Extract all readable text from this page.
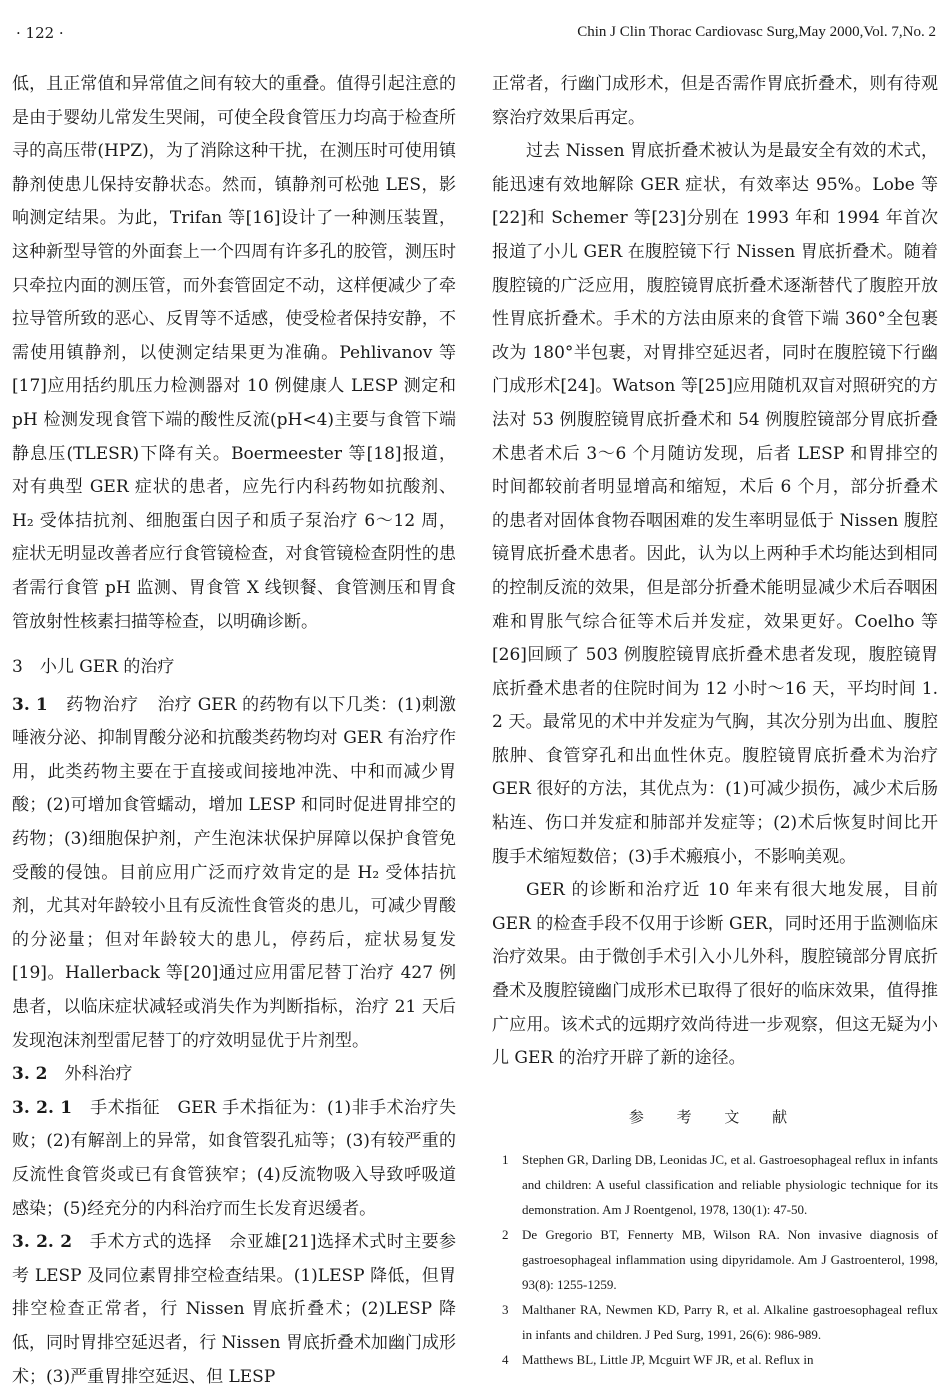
· 122 ·	Chin J Clin Thorac Cardiovasc Surg,May 2000,Vol. 7,No. 2

低，且正常值和异常值之间有较大的重叠。值得引起注意的是由于婴幼儿常发生哭闹，可使全段食管压力均高于检查所寻的高压带(HPZ)，为了消除这种干扰，在测压时可使用镇静剂使患儿保持安静状态。然而，镇静剂可松弛 LES，影响测定结果。为此，Trifan 等[16]设计了一种测压装置，这种新型导管的外面套上一个四周有许多孔的胶管，测压时只牵拉内面的测压管，而外套管固定不动，这样便减少了牵拉导管所致的恶心、反胃等不适感，使受检者保持安静，不需使用镇静剂，以使测定结果更为准确。Pehlivanov 等[17]应用括约肌压力检测器对 10 例健康人 LESP 测定和 pH 检测发现食管下端的酸性反流(pH<4)主要与食管下端静息压(TLESR)下降有关。Boermeester 等[18]报道，对有典型 GER 症状的患者，应先行内科药物如抗酸剂、H₂ 受体拮抗剂、细胞蛋白因子和质子泵治疗 6～12 周，症状无明显改善者应行食管镜检查，对食管镜检查阴性的患者需行食管 pH 监测、胃食管 X 线钡餐、食管测压和胃食管放射性核素扫描等检查，以明确诊断。

3　小儿 GER 的治疗

3. 1　药物治疗　治疗 GER 的药物有以下几类：(1)刺激唾液分泌、抑制胃酸分泌和抗酸类药物均对 GER 有治疗作用，此类药物主要在于直接或间接地冲洗、中和而减少胃酸；(2)可增加食管蠕动，增加 LESP 和同时促进胃排空的药物；(3)细胞保护剂，产生泡沫状保护屏障以保护食管免受酸的侵蚀。目前应用广泛而疗效肯定的是 H₂ 受体拮抗剂，尤其对年龄较小且有反流性食管炎的患儿，可减少胃酸的分泌量；但对年龄较大的患儿，停药后，症状易复发[19]。Hallerback 等[20]通过应用雷尼替丁治疗 427 例患者，以临床症状减轻或消失作为判断指标，治疗 21 天后发现泡沫剂型雷尼替丁的疗效明显优于片剂型。

3. 2　外科治疗

3. 2. 1　手术指征　GER 手术指征为：(1)非手术治疗失败；(2)有解剖上的异常，如食管裂孔疝等；(3)有较严重的反流性食管炎或已有食管狭窄；(4)反流物吸入导致呼吸道感染；(5)经充分的内科治疗而生长发育迟缓者。

3. 2. 2　手术方式的选择　佘亚雄[21]选择术式时主要参考 LESP 及同位素胃排空检查结果。(1)LESP 降低，但胃排空检查正常者，行 Nissen 胃底折叠术；(2)LESP 降低，同时胃排空延迟者，行 Nissen 胃底折叠术加幽门成形术；(3)严重胃排空延迟、但 LESP

正常者，行幽门成形术，但是否需作胃底折叠术，则有待观察治疗效果后再定。

过去 Nissen 胃底折叠术被认为是最安全有效的术式，能迅速有效地解除 GER 症状，有效率达 95%。Lobe 等[22]和 Schemer 等[23]分别在 1993 年和 1994 年首次报道了小儿 GER 在腹腔镜下行 Nissen 胃底折叠术。随着腹腔镜的广泛应用，腹腔镜胃底折叠术逐渐替代了腹腔开放性胃底折叠术。手术的方法由原来的食管下端 360°全包裹改为 180°半包裹，对胃排空延迟者，同时在腹腔镜下行幽门成形术[24]。Watson 等[25]应用随机双盲对照研究的方法对 53 例腹腔镜胃底折叠术和 54 例腹腔镜部分胃底折叠术患者术后 3～6 个月随访发现，后者 LESP 和胃排空的时间都较前者明显增高和缩短，术后 6 个月，部分折叠术的患者对固体食物吞咽困难的发生率明显低于 Nissen 腹腔镜胃底折叠术患者。因此，认为以上两种手术均能达到相同的控制反流的效果，但是部分折叠术能明显减少术后吞咽困难和胃胀气综合征等术后并发症，效果更好。Coelho 等[26]回顾了 503 例腹腔镜胃底折叠术患者发现，腹腔镜胃底折叠术患者的住院时间为 12 小时～16 天，平均时间 1. 2 天。最常见的术中并发症为气胸，其次分别为出血、腹腔脓肿、食管穿孔和出血性休克。腹腔镜胃底折叠术为治疗 GER 很好的方法，其优点为：(1)可减少损伤，减少术后肠粘连、伤口并发症和肺部并发症等；(2)术后恢复时间比开腹手术缩短数倍；(3)手术瘢痕小，不影响美观。

GER 的诊断和治疗近 10 年来有很大地发展，目前 GER 的检查手段不仅用于诊断 GER，同时还用于监测临床治疗效果。由于微创手术引入小儿外科，腹腔镜部分胃底折叠术及腹腔镜幽门成形术已取得了很好的临床效果，值得推广应用。该术式的远期疗效尚待进一步观察，但这无疑为小儿 GER 的治疗开辟了新的途径。

参 考 文 献
1	Stephen GR, Darling DB, Leonidas JC, et al. Gastroesophageal reflux in infants and children: A useful classification and reliable physiologic technique for its demonstration. Am J Roentgenol, 1978, 130(1): 47-50.
2	De Gregorio BT, Fennerty MB, Wilson RA. Non invasive diagnosis of gastroesophageal inflammation using dipyridamole. Am J Gastroenterol, 1998, 93(8): 1255-1259.
3	Malthaner RA, Newmen KD, Parry R, et al. Alkaline gastroesophageal reflux in infants and children. J Ped Surg, 1991, 26(6): 986-989.
4	Matthews BL, Little JP, Mcguirt WF JR, et al. Reflux in
